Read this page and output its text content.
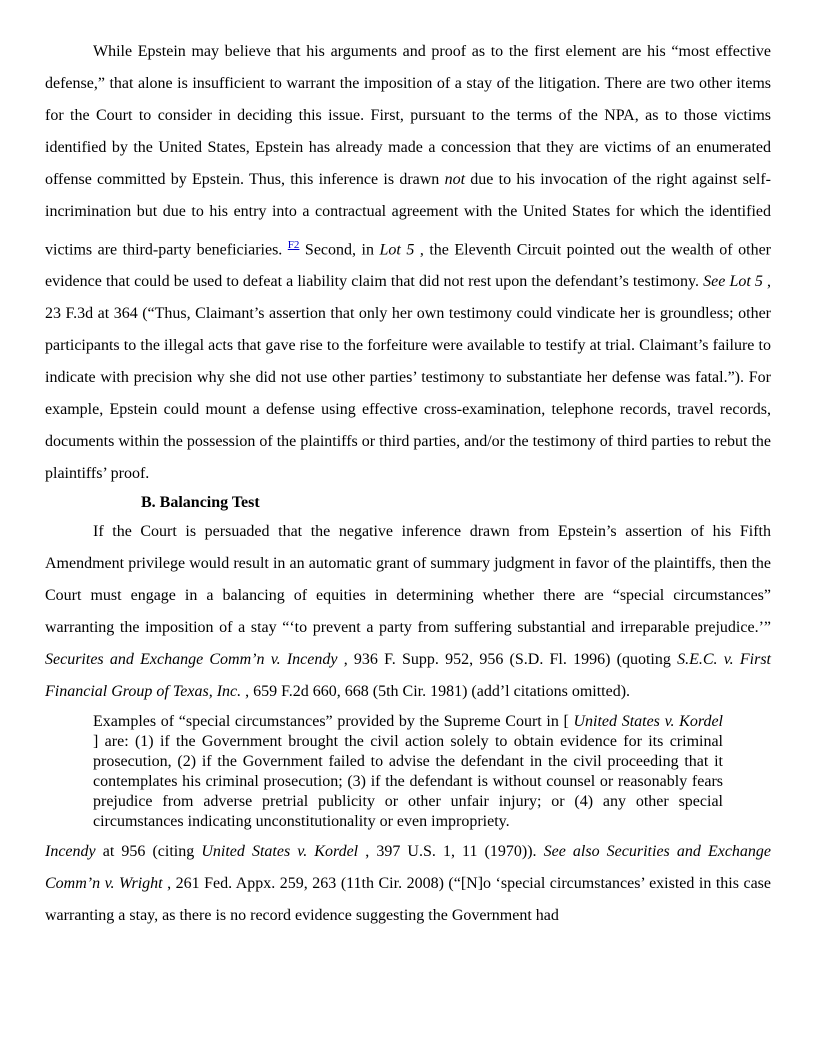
While Epstein may believe that his arguments and proof as to the first element are his “most effective defense,” that alone is insufficient to warrant the imposition of a stay of the litigation. There are two other items for the Court to consider in deciding this issue. First, pursuant to the terms of the NPA, as to those victims identified by the United States, Epstein has already made a concession that they are victims of an enumerated offense committed by Epstein. Thus, this inference is drawn not due to his invocation of the right against self-incrimination but due to his entry into a contractual agreement with the United States for which the identified victims are third-party beneficiaries. $^{F2}$ Second, in Lot 5 , the Eleventh Circuit pointed out the wealth of other evidence that could be used to defeat a liability claim that did not rest upon the defendant’s testimony. See Lot 5 , 23 F.3d at 364 (“Thus, Claimant’s assertion that only her own testimony could vindicate her is groundless; other participants to the illegal acts that gave rise to the forfeiture were available to testify at trial. Claimant’s failure to indicate with precision why she did not use other parties’ testimony to substantiate her defense was fatal.”). For example, Epstein could mount a defense using effective cross-examination, telephone records, travel records, documents within the possession of the plaintiffs or third parties, and/or the testimony of third parties to rebut the plaintiffs’ proof.

B. Balancing Test

If the Court is persuaded that the negative inference drawn from Epstein’s assertion of his Fifth Amendment privilege would result in an automatic grant of summary judgment in favor of the plaintiffs, then the Court must engage in a balancing of equities in determining whether there are “special circumstances” warranting the imposition of a stay “‘to prevent a party from suffering substantial and irreparable prejudice.’” Securites and Exchange Comm’n v. Incendy , 936 F. Supp. 952, 956 (S.D. Fl. 1996) (quoting S.E.C. v. First Financial Group of Texas, Inc. , 659 F.2d 660, 668 (5th Cir. 1981) (add’l citations omitted).

Examples of “special circumstances” provided by the Supreme Court in [ United States v. Kordel ] are: (1) if the Government brought the civil action solely to obtain evidence for its criminal prosecution, (2) if the Government failed to advise the defendant in the civil proceeding that it contemplates his criminal prosecution; (3) if the defendant is without counsel or reasonably fears prejudice from adverse pretrial publicity or other unfair injury; or (4) any other special circumstances indicating unconstitutionality or even impropriety.

Incendy at 956 (citing United States v. Kordel , 397 U.S. 1, 11 (1970)). See also Securities and Exchange Comm’n v. Wright , 261 Fed. Appx. 259, 263 (11th Cir. 2008) (“[N]o ‘special circumstances’ existed in this case warranting a stay, as there is no record evidence suggesting the Government had
